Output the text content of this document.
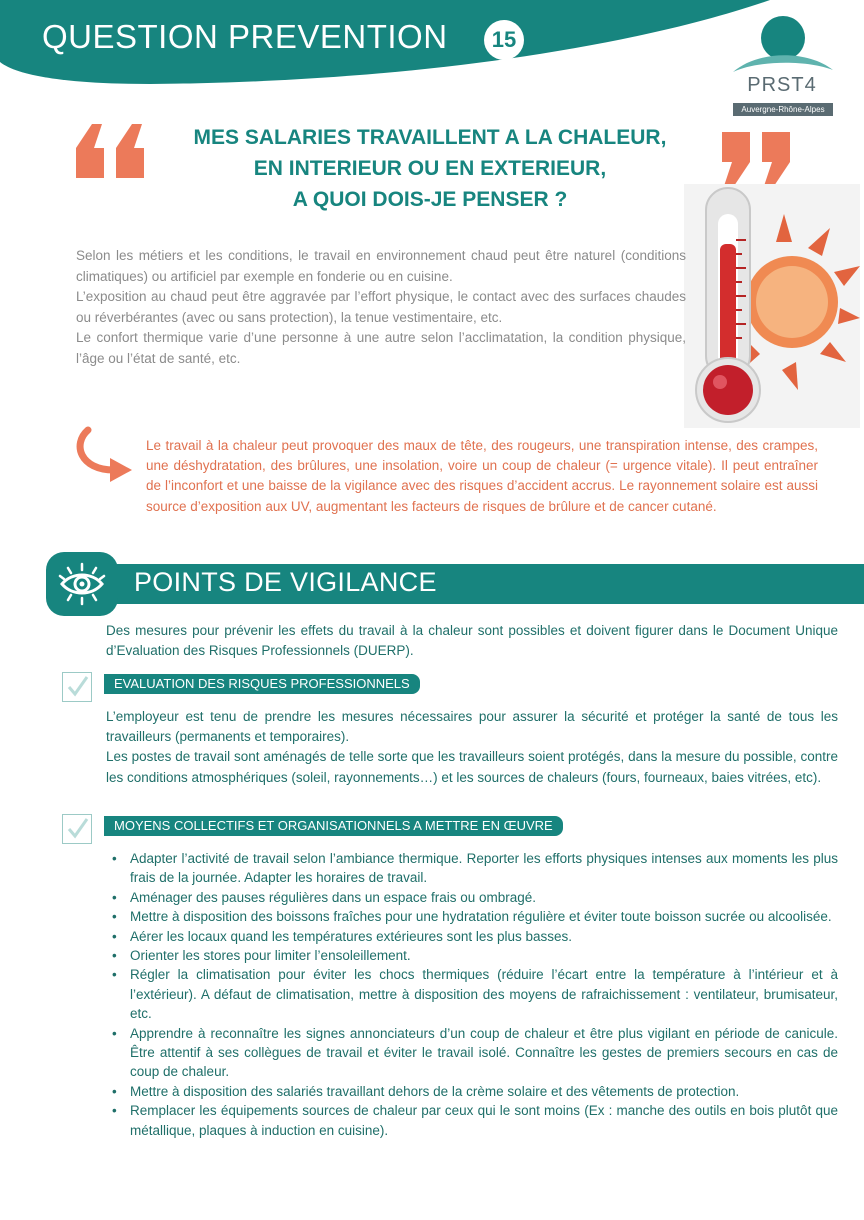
QUESTION PREVENTION	15
PRST4
Auvergne-Rhône-Alpes
MES SALARIES TRAVAILLENT A LA CHALEUR,
EN INTERIEUR OU EN EXTERIEUR,
A QUOI DOIS-JE PENSER ?

Selon les métiers et les conditions, le travail en environnement chaud peut être naturel (conditions climatiques) ou artificiel par exemple en fonderie ou en cuisine.

L’exposition au chaud peut être aggravée par l’effort physique, le contact avec des surfaces chaudes ou réverbérantes (avec ou sans protection), la tenue vestimentaire, etc.

Le confort thermique varie d’une personne à une autre selon l’acclimatation, la condition physique, l’âge ou l’état de santé, etc.

Le travail à la chaleur peut provoquer des maux de tête, des rougeurs, une transpiration intense, des crampes, une déshydratation, des brûlures, une insolation, voire un coup de chaleur (= urgence vitale). Il peut entraîner de l’inconfort et une baisse de la vigilance avec des risques d’accident accrus. Le rayonnement solaire est aussi source d’exposition aux UV, augmentant les facteurs de risques de brûlure et de cancer cutané.
POINTS DE VIGILANCE
Des mesures pour prévenir les effets du travail à la chaleur sont possibles et doivent figurer dans le Document Unique d’Evaluation des Risques Professionnels (DUERP).
EVALUATION DES RISQUES PROFESSIONNELS

L’employeur est tenu de prendre les mesures nécessaires pour assurer la sécurité et protéger la santé de tous les travailleurs (permanents et temporaires).

Les postes de travail sont aménagés de telle sorte que les travailleurs soient protégés, dans la mesure du possible, contre les conditions atmosphériques (soleil, rayonnements…) et les sources de chaleurs (fours, fourneaux, baies vitrées, etc).

MOYENS COLLECTIFS ET ORGANISATIONNELS A METTRE EN ŒUVRE
• Adapter l’activité de travail selon l’ambiance thermique. Reporter les efforts physiques intenses aux moments les plus frais de la journée. Adapter les horaires de travail.
• Aménager des pauses régulières dans un espace frais ou ombragé.
• Mettre à disposition des boissons fraîches pour une hydratation régulière et éviter toute boisson sucrée ou alcoolisée.
• Aérer les locaux quand les températures extérieures sont les plus basses.
• Orienter les stores pour limiter l’ensoleillement.
• Régler la climatisation pour éviter les chocs thermiques (réduire l’écart entre la température à l’intérieur et à l’extérieur). A défaut de climatisation, mettre à disposition des moyens de rafraichissement : ventilateur, brumisateur, etc.
• Apprendre à reconnaître les signes annonciateurs d’un coup de chaleur et être plus vigilant en période de canicule. Être attentif à ses collègues de travail et éviter le travail isolé. Connaître les gestes de premiers secours en cas de coup de chaleur.
• Mettre à disposition des salariés travaillant dehors de la crème solaire et des vêtements de protection.
• Remplacer les équipements sources de chaleur par ceux qui le sont moins (Ex : manche des outils en bois plutôt que métallique, plaques à induction en cuisine).
